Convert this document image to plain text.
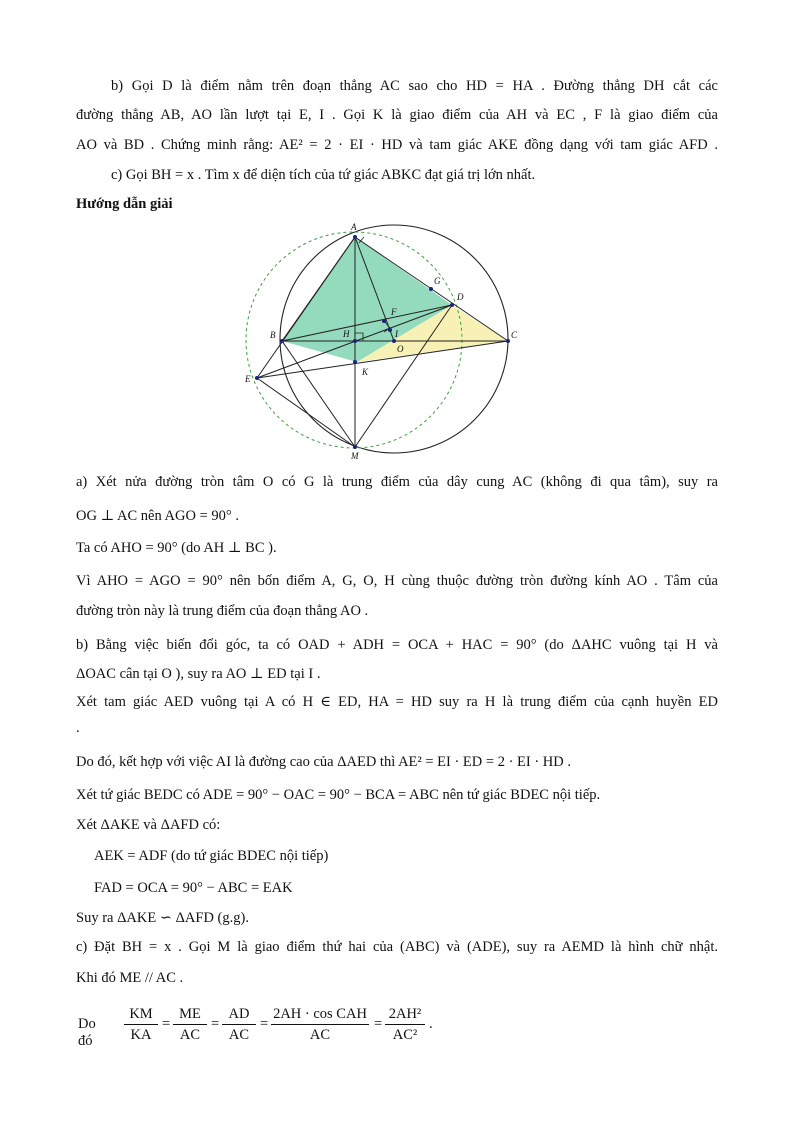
b) Gọi D là điểm nằm trên đoạn thẳng AC sao cho HD = HA . Đường thẳng DH cắt các
đường thẳng AB, AO lần lượt tại E, I . Gọi K là giao điểm của AH và EC , F là giao điểm của
AO và BD . Chứng minh rằng: AE² = 2 · EI · HD và tam giác AKE đồng dạng với tam giác AFD .
c) Gọi BH = x . Tìm x để diện tích của tứ giác ABKC đạt giá trị lớn nhất.
Hướng dẫn giải
A
B	C
D
E
F
G
H	I
K
M
O
a) Xét nửa đường tròn tâm O có G là trung điểm của dây cung AC (không đi qua tâm), suy ra
OG ⊥ AC nên AGO = 90° .
Ta có AHO = 90° (do AH ⊥ BC ).
Vì AHO = AGO = 90° nên bốn điểm A, G, O, H cùng thuộc đường tròn đường kính AO . Tâm của
đường tròn này là trung điểm của đoạn thẳng AO .
b) Bằng việc biến đổi góc, ta có OAD + ADH = OCA + HAC = 90° (do ΔAHC vuông tại H và
ΔOAC cân tại O ), suy ra AO ⊥ ED tại I .
Xét tam giác AED vuông tại A có H ∈ ED, HA = HD suy ra H là trung điểm của cạnh huyền ED
.
Do đó, kết hợp với việc AI là đường cao của ΔAED thì AE² = EI · ED = 2 · EI · HD .
Xét tứ giác BEDC có ADE = 90° − OAC = 90° − BCA = ABC nên tứ giác BDEC nội tiếp.
Xét ΔAKE và ΔAFD có:
AEK = ADF (do tứ giác BDEC nội tiếp)
FAD = OCA = 90° − ABC = EAK
Suy ra ΔAKE ∽ ΔAFD (g.g).
c) Đặt BH = x . Gọi M là giao điểm thứ hai của (ABC) và (ADE), suy ra AEMD là hình chữ nhật.
Khi đó ME // AC .
Do đó $\frac{KM}{KA} = \frac{ME}{AC} = \frac{AD}{AC}$ =
2AH · cos CAH
AC
= $\frac{\text{2AH²}}{\text{AC²}}$ .
